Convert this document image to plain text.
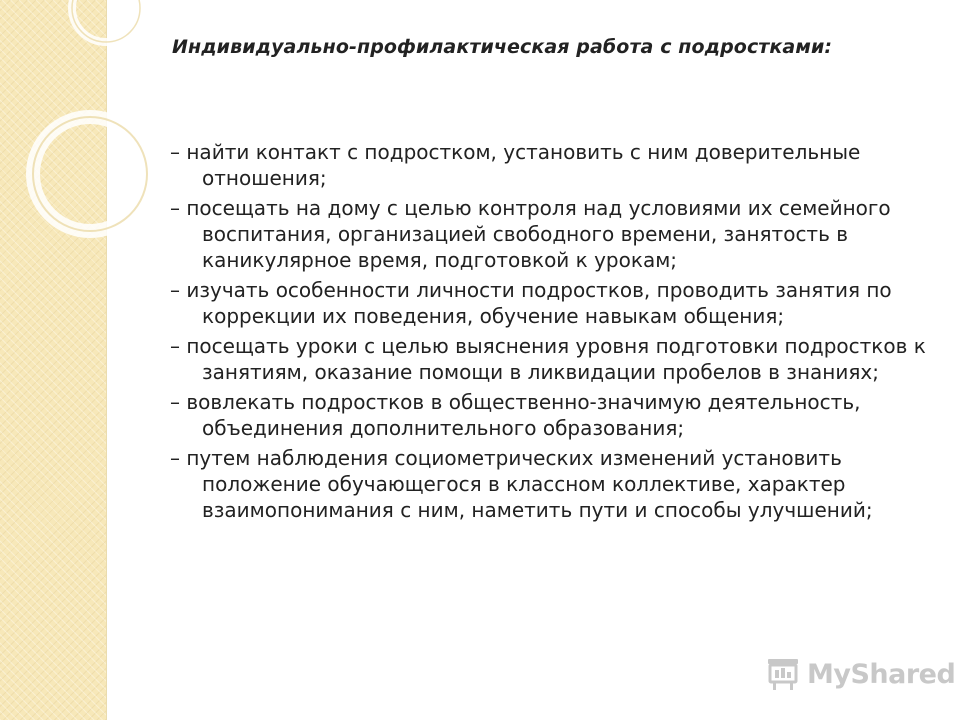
Индивидуально-профилактическая работа с подростками:
– найти контакт с подростком, установить с ним доверительные отношения;
– посещать на дому с целью контроля над условиями их семейного воспитания, организацией свободного времени, занятость в каникулярное время, подготовкой к урокам;
– изучать особенности личности подростков, проводить занятия по коррекции их поведения, обучение навыкам общения;
– посещать уроки с целью выяснения уровня подготовки подростков к занятиям, оказание помощи в ликвидации пробелов в знаниях;
– вовлекать подростков в общественно-значимую деятельность, объединения дополнительного образования;
– путем наблюдения социометрических изменений установить положение обучающегося в классном коллективе, характер взаимопонимания с ним, наметить пути и способы улучшений;
MyShared
